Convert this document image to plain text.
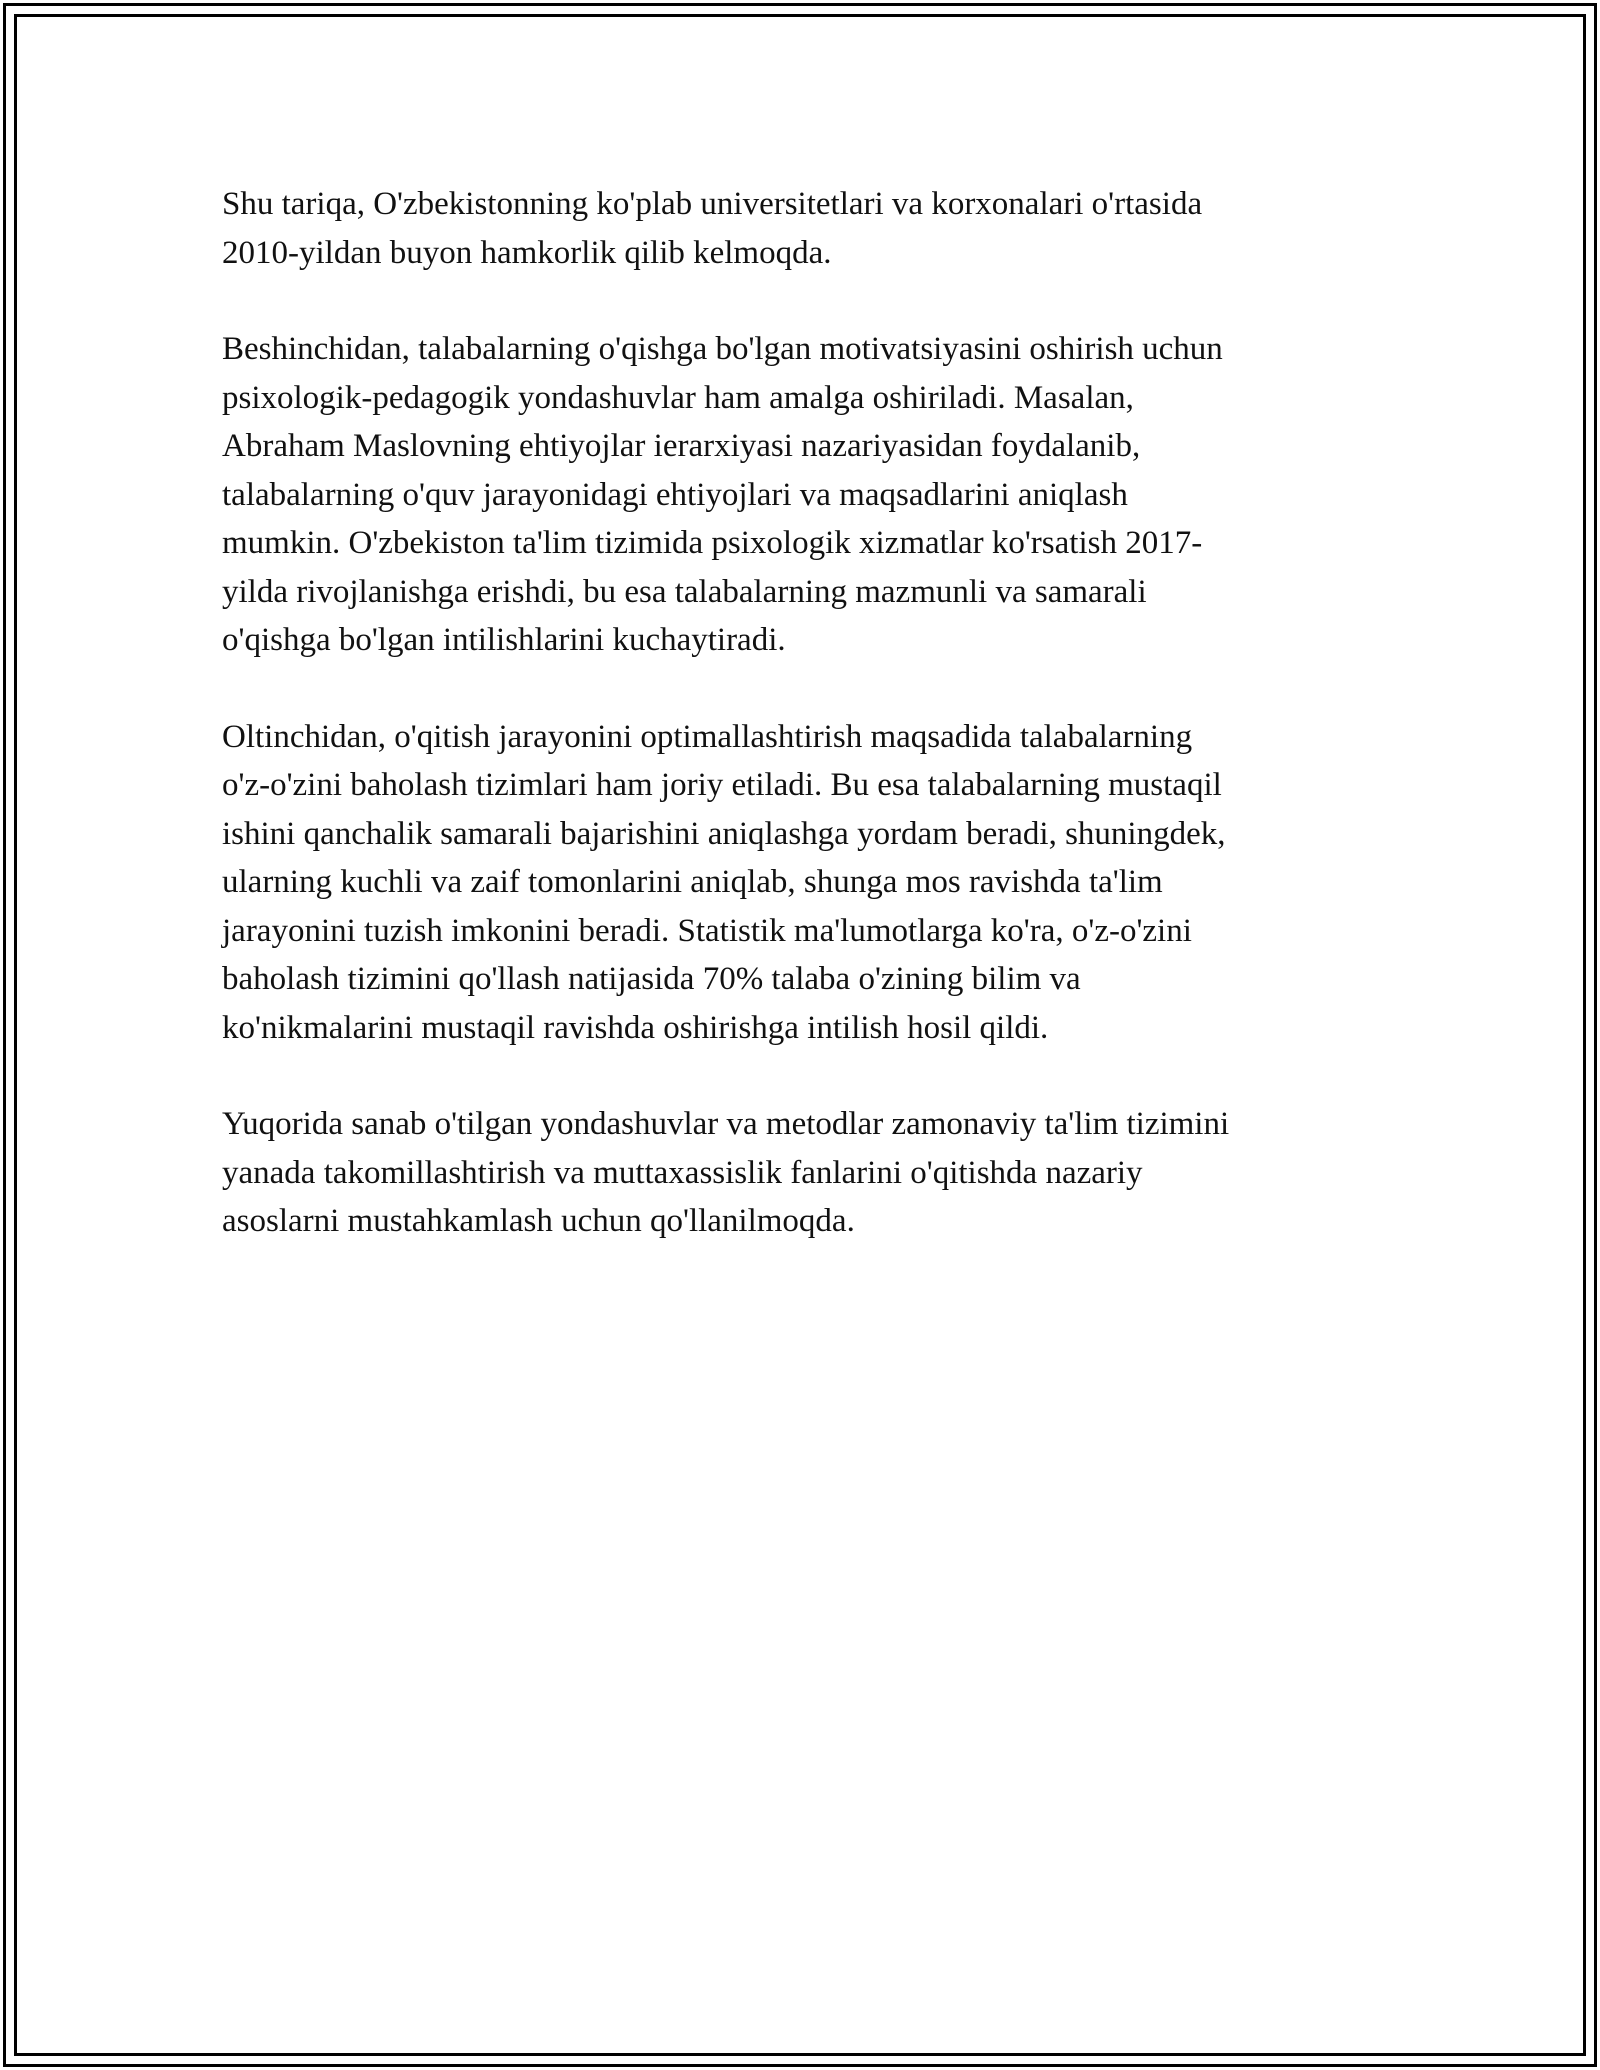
Shu tariqa, O'zbekistonning ko'plab universitetlari va korxonalari o'rtasida
2010-yildan buyon hamkorlik qilib kelmoqda.

Beshinchidan, talabalarning o'qishga bo'lgan motivatsiyasini oshirish uchun
psixologik-pedagogik yondashuvlar ham amalga oshiriladi. Masalan,
Abraham Maslovning ehtiyojlar ierarxiyasi nazariyasidan foydalanib,
talabalarning o'quv jarayonidagi ehtiyojlari va maqsadlarini aniqlash
mumkin. O'zbekiston ta'lim tizimida psixologik xizmatlar ko'rsatish 2017-
yilda rivojlanishga erishdi, bu esa talabalarning mazmunli va samarali
o'qishga bo'lgan intilishlarini kuchaytiradi.

Oltinchidan, o'qitish jarayonini optimallashtirish maqsadida talabalarning
o'z-o'zini baholash tizimlari ham joriy etiladi. Bu esa talabalarning mustaqil
ishini qanchalik samarali bajarishini aniqlashga yordam beradi, shuningdek,
ularning kuchli va zaif tomonlarini aniqlab, shunga mos ravishda ta'lim
jarayonini tuzish imkonini beradi. Statistik ma'lumotlarga ko'ra, o'z-o'zini
baholash tizimini qo'llash natijasida 70% talaba o'zining bilim va
ko'nikmalarini mustaqil ravishda oshirishga intilish hosil qildi.

Yuqorida sanab o'tilgan yondashuvlar va metodlar zamonaviy ta'lim tizimini
yanada takomillashtirish va muttaxassislik fanlarini o'qitishda nazariy
asoslarni mustahkamlash uchun qo'llanilmoqda.
